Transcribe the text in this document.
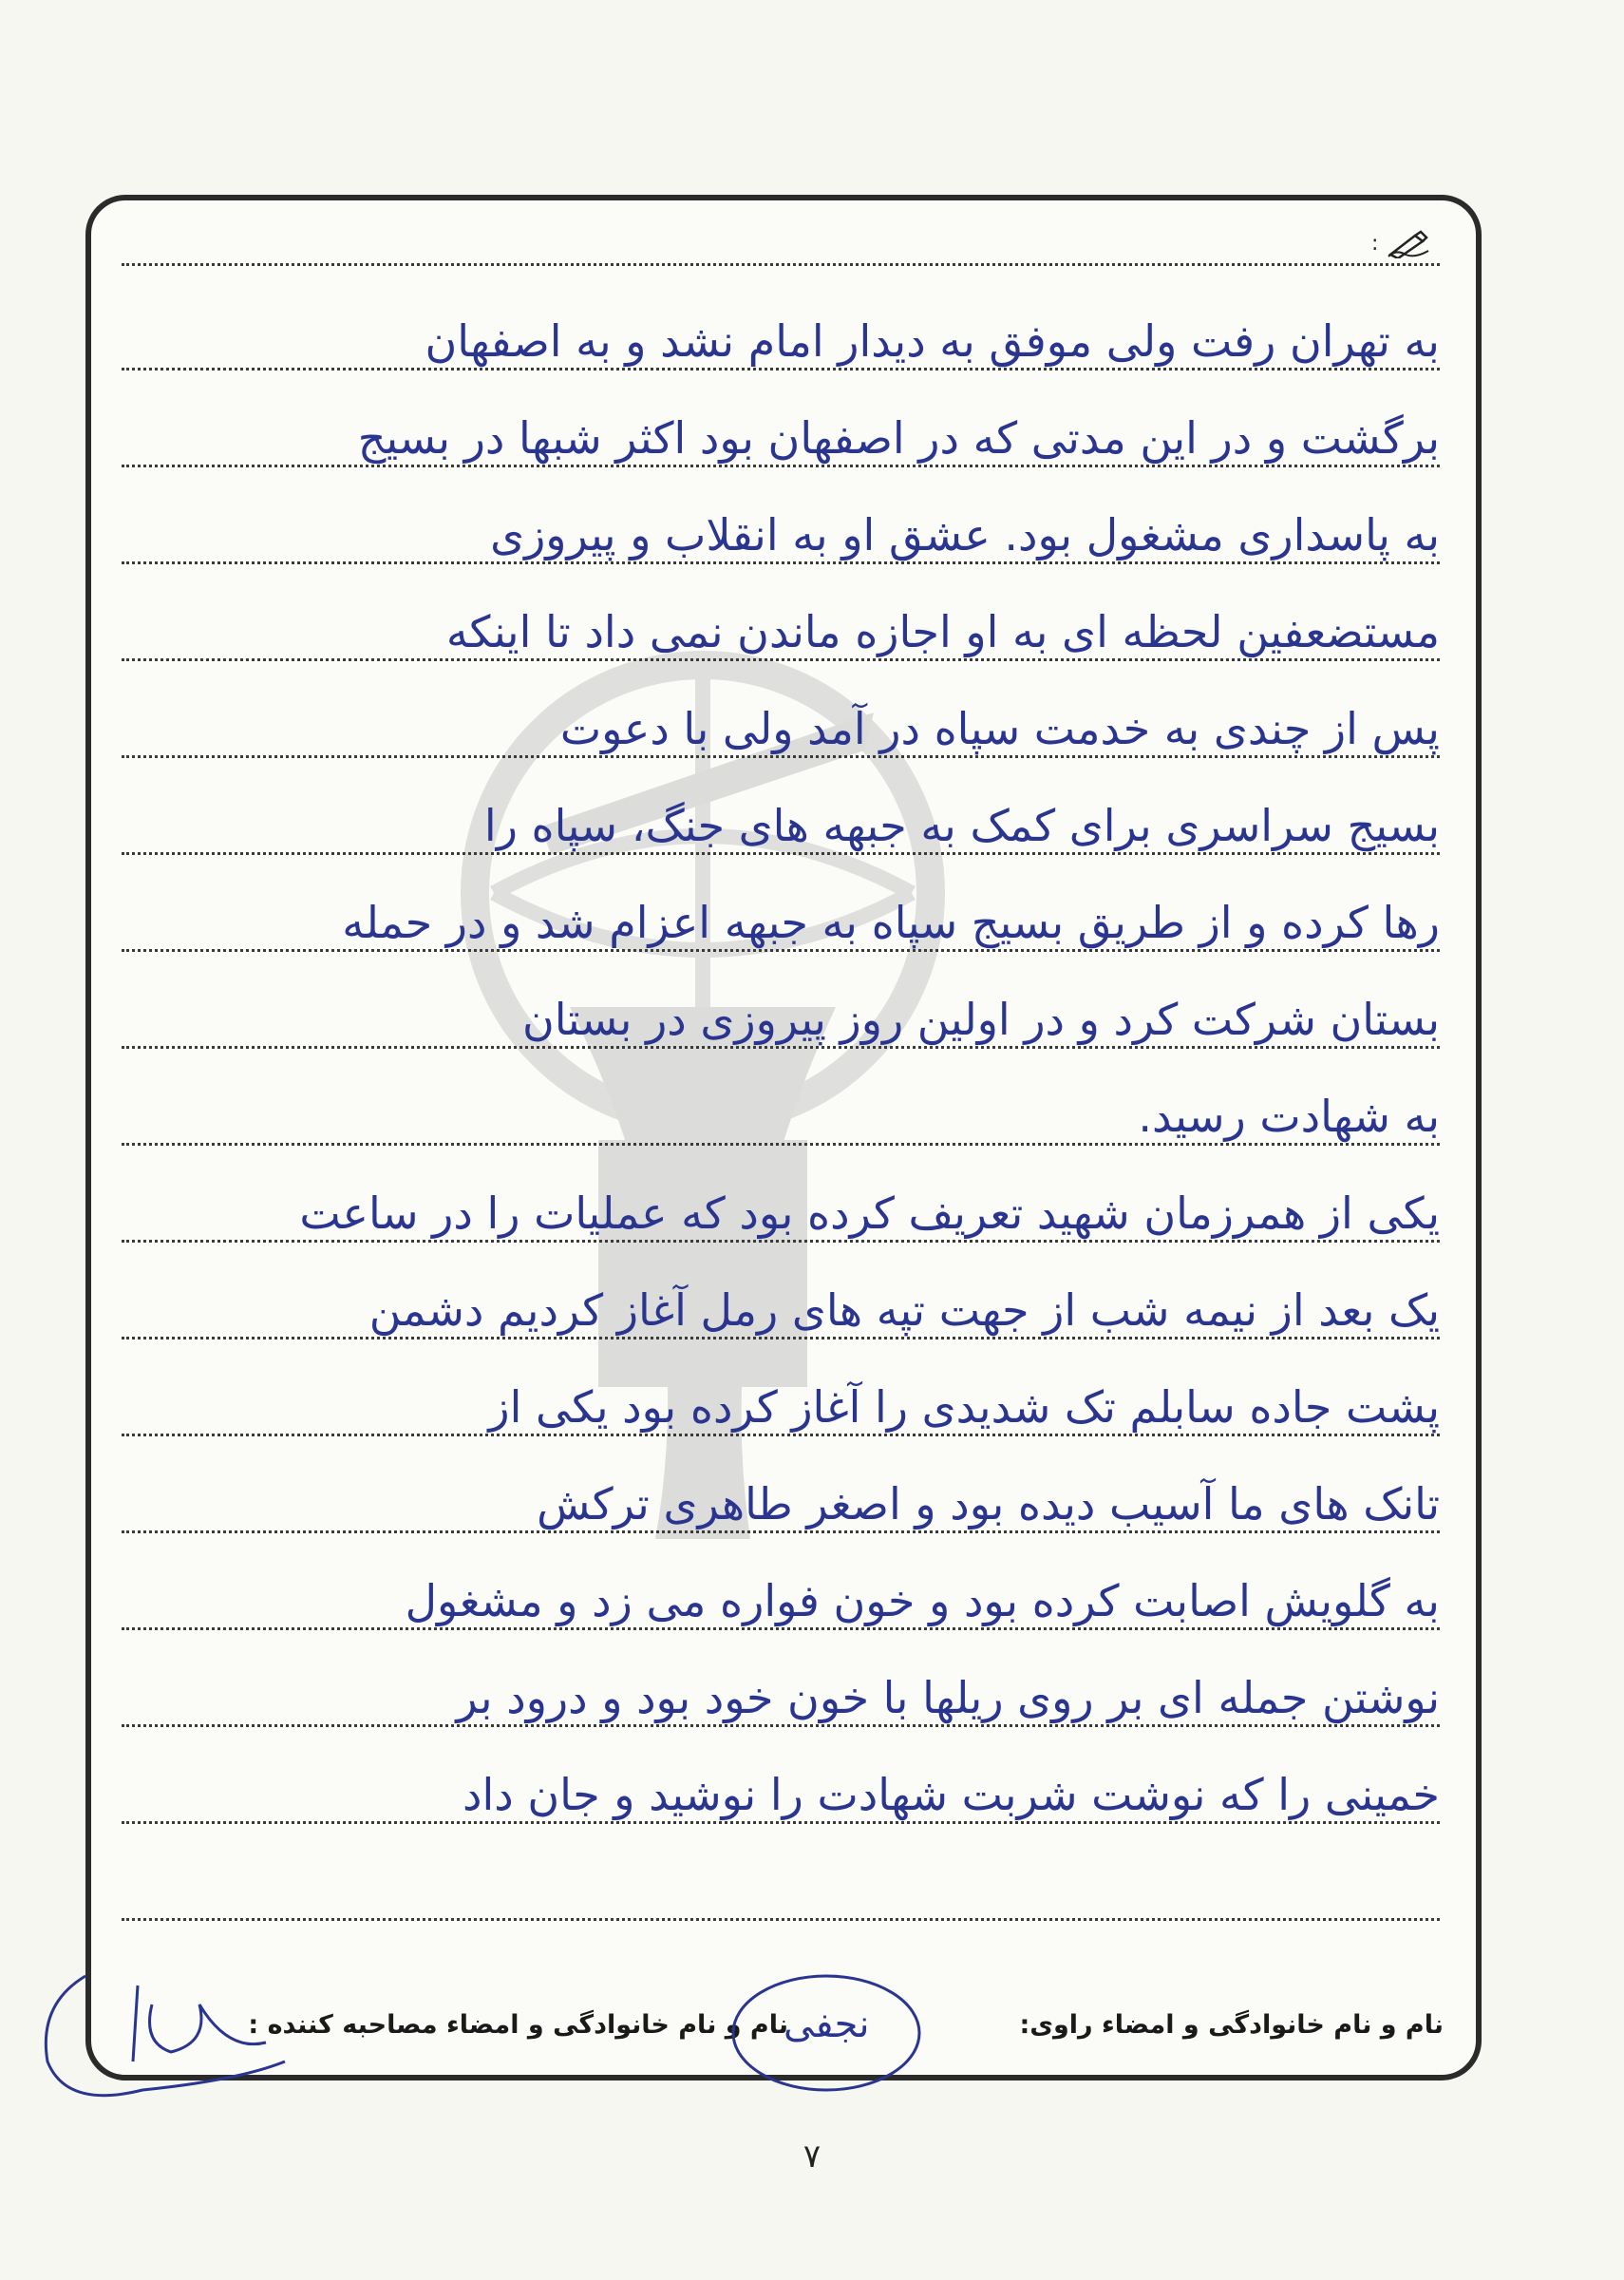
:
به تهران رفت ولی موفق به دیدار امام نشد و به اصفهان
برگشت و در این مدتی که در اصفهان بود اکثر شبها در بسیج
به پاسداری مشغول بود. عشق او به انقلاب و پیروزی
مستضعفین لحظه ای به او اجازه ماندن نمی داد تا اینکه
پس از چندی به خدمت سپاه در آمد ولی با دعوت
بسیج سراسری برای کمک به جبهه های جنگ، سپاه را
رها کرده و از طریق بسیج سپاه به جبهه اعزام شد و در حمله
بستان شرکت کرد و در اولین روز پیروزی در بستان
به شهادت رسید.
یکی از همرزمان شهید تعریف کرده بود که عملیات را در ساعت
یک بعد از نیمه شب از جهت تپه های رمل آغاز کردیم دشمن
پشت جاده سابلم تک شدیدی را آغاز کرده بود یکی از
تانک های ما آسیب دیده بود و اصغر طاهری ترکش
به گلویش اصابت کرده بود و خون فواره می زد و مشغول
نوشتن جمله ای بر روی ریلها با خون خود بود و درود بر
خمینی را که نوشت شربت شهادت را نوشید و جان داد
نام و نام خانوادگی و امضاء راوی:
نام و نام خانوادگی و امضاء مصاحبه کننده :
نجفی
۷
